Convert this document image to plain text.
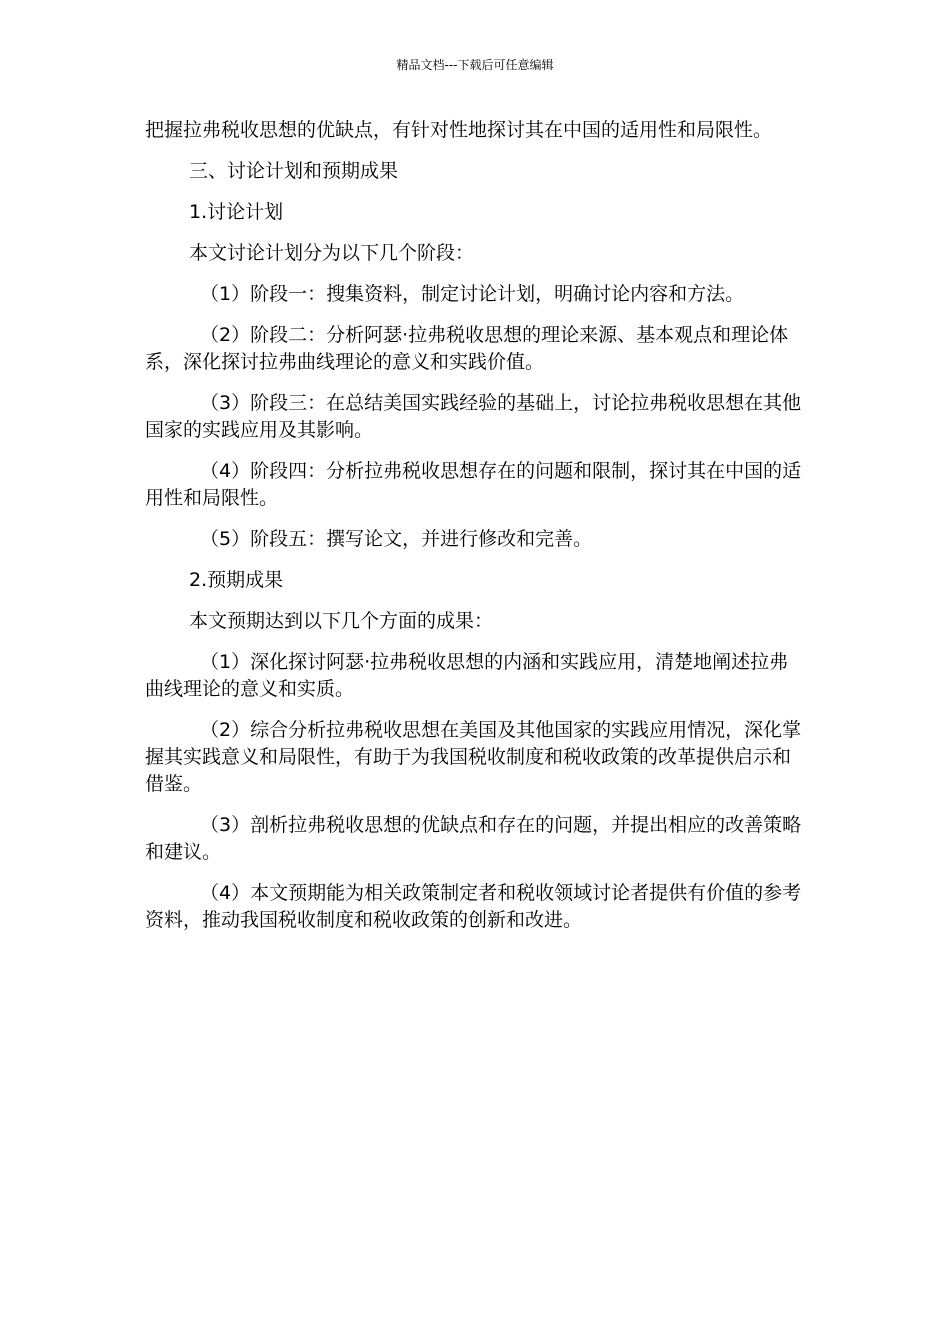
精品文档---下载后可任意编辑

把握拉弗税收思想的优缺点，有针对性地探讨其在中国的适用性和局限性。

三、讨论计划和预期成果

1.讨论计划

本文讨论计划分为以下几个阶段：

（1）阶段一：搜集资料，制定讨论计划，明确讨论内容和方法。

（2）阶段二：分析阿瑟·拉弗税收思想的理论来源、基本观点和理论体系，深化探讨拉弗曲线理论的意义和实践价值。

（3）阶段三：在总结美国实践经验的基础上，讨论拉弗税收思想在其他国家的实践应用及其影响。

（4）阶段四：分析拉弗税收思想存在的问题和限制，探讨其在中国的适用性和局限性。

（5）阶段五：撰写论文，并进行修改和完善。

2.预期成果

本文预期达到以下几个方面的成果：

（1）深化探讨阿瑟·拉弗税收思想的内涵和实践应用，清楚地阐述拉弗曲线理论的意义和实质。

（2）综合分析拉弗税收思想在美国及其他国家的实践应用情况，深化掌握其实践意义和局限性，有助于为我国税收制度和税收政策的改革提供启示和借鉴。

（3）剖析拉弗税收思想的优缺点和存在的问题，并提出相应的改善策略和建议。

（4）本文预期能为相关政策制定者和税收领域讨论者提供有价值的参考资料，推动我国税收制度和税收政策的创新和改进。
